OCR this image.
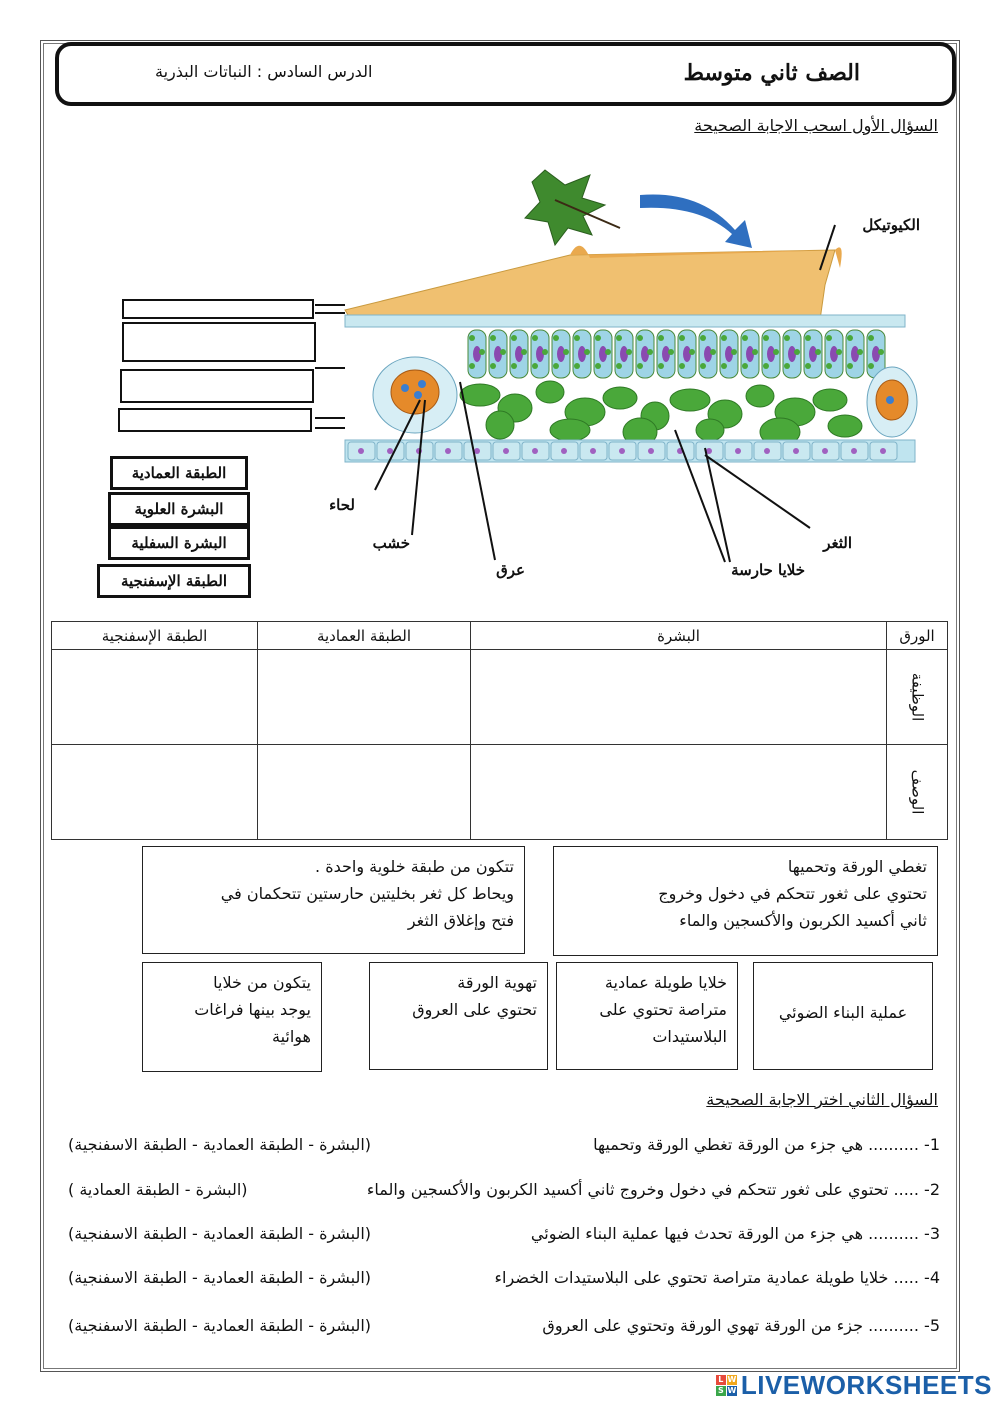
الصف ثاني متوسط
الدرس السادس : النباتات البذرية
السؤال الأول اسحب الاجابة الصحيحة
الكيوتيكل
لحاء
خشب
عرق	خلايا حارسة
الثغر
الطبقة العمادية
البشرة العلوية
البشرة السفلية
الطبقة الإسفنجية
الورق	البشرة	الطبقة العمادية	الطبقة الإسفنجية
الوظيفة			
الوصف			
تغطي الورقة وتحميها
تحتوي على ثغور تتحكم في دخول وخروج
ثاني أكسيد الكربون والأكسجين والماء
تتكون من طبقة خلوية واحدة .
ويحاط كل ثغر بخليتين حارستين تتحكمان في
فتح وإغلاق الثغر
عملية البناء الضوئي
خلايا طويلة عمادية
متراصة تحتوي على
البلاستيدات
تهوية الورقة
تحتوي على العروق
يتكون من خلايا
يوجد بينها فراغات
هوائية
السؤال الثاني اختر الاجابة الصحيحة
1- .......... هي جزء من الورقة تغطي الورقة وتحميها
(البشرة - الطبقة العمادية - الطبقة الاسفنجية)
2- ..... تحتوي على ثغور تتحكم في دخول وخروج ثاني أكسيد الكربون والأكسجين والماء
(البشرة - الطبقة العمادية )
3- .......... هي جزء من الورقة تحدث فيها عملية البناء الضوئي
(البشرة - الطبقة العمادية - الطبقة الاسفنجية)
4- ..... خلايا طويلة عمادية متراصة تحتوي على البلاستيدات الخضراء
(البشرة - الطبقة العمادية - الطبقة الاسفنجية)
5- .......... جزء من الورقة تهوي الورقة وتحتوي على العروق
(البشرة - الطبقة العمادية - الطبقة الاسفنجية)
L W
S W LIVEWORKSHEETS
